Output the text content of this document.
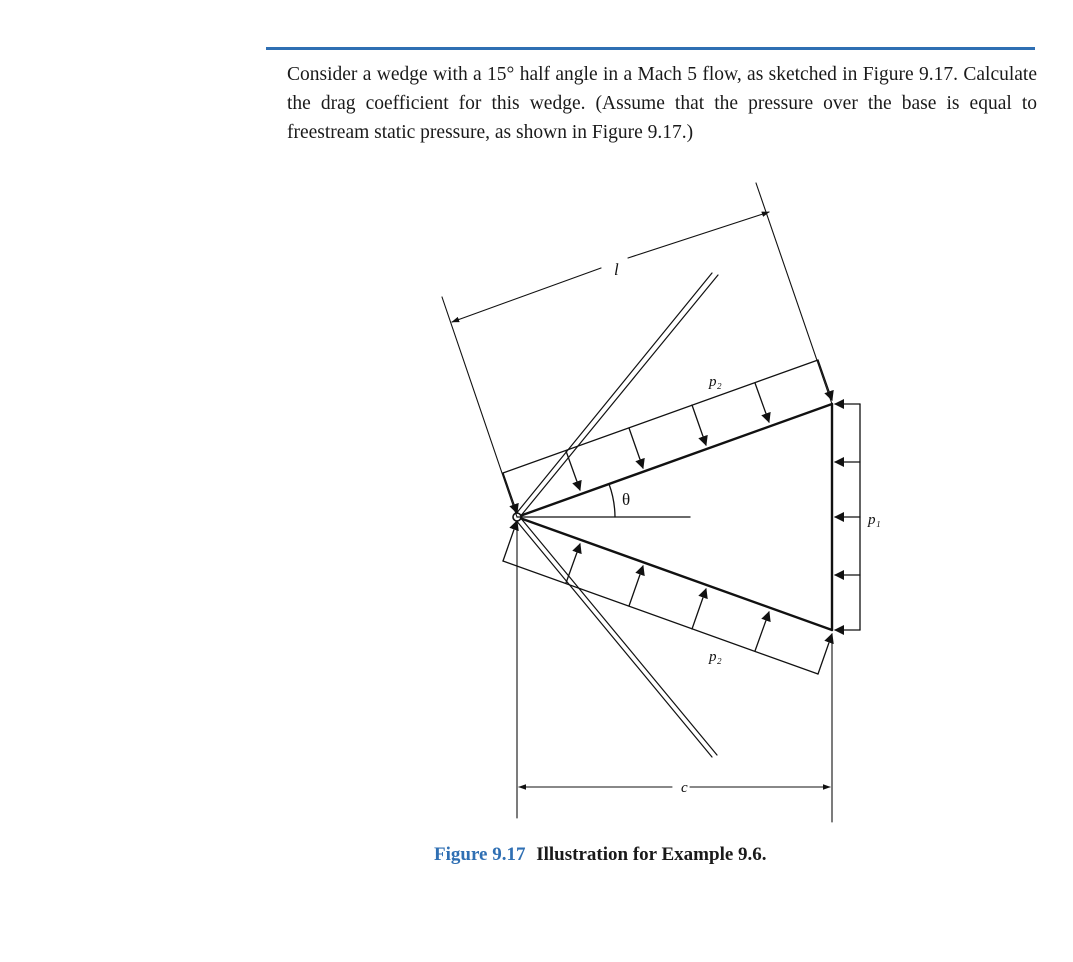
Consider a wedge with a 15° half angle in a Mach 5 flow, as sketched in Figure 9.17. Calculate the drag coefficient for this wedge. (Assume that the pressure over the base is equal to freestream static pressure, as shown in Figure 9.17.)

l
c
θ
p₂
p₂
p₁
Figure 9.17 Illustration for Example 9.6.
